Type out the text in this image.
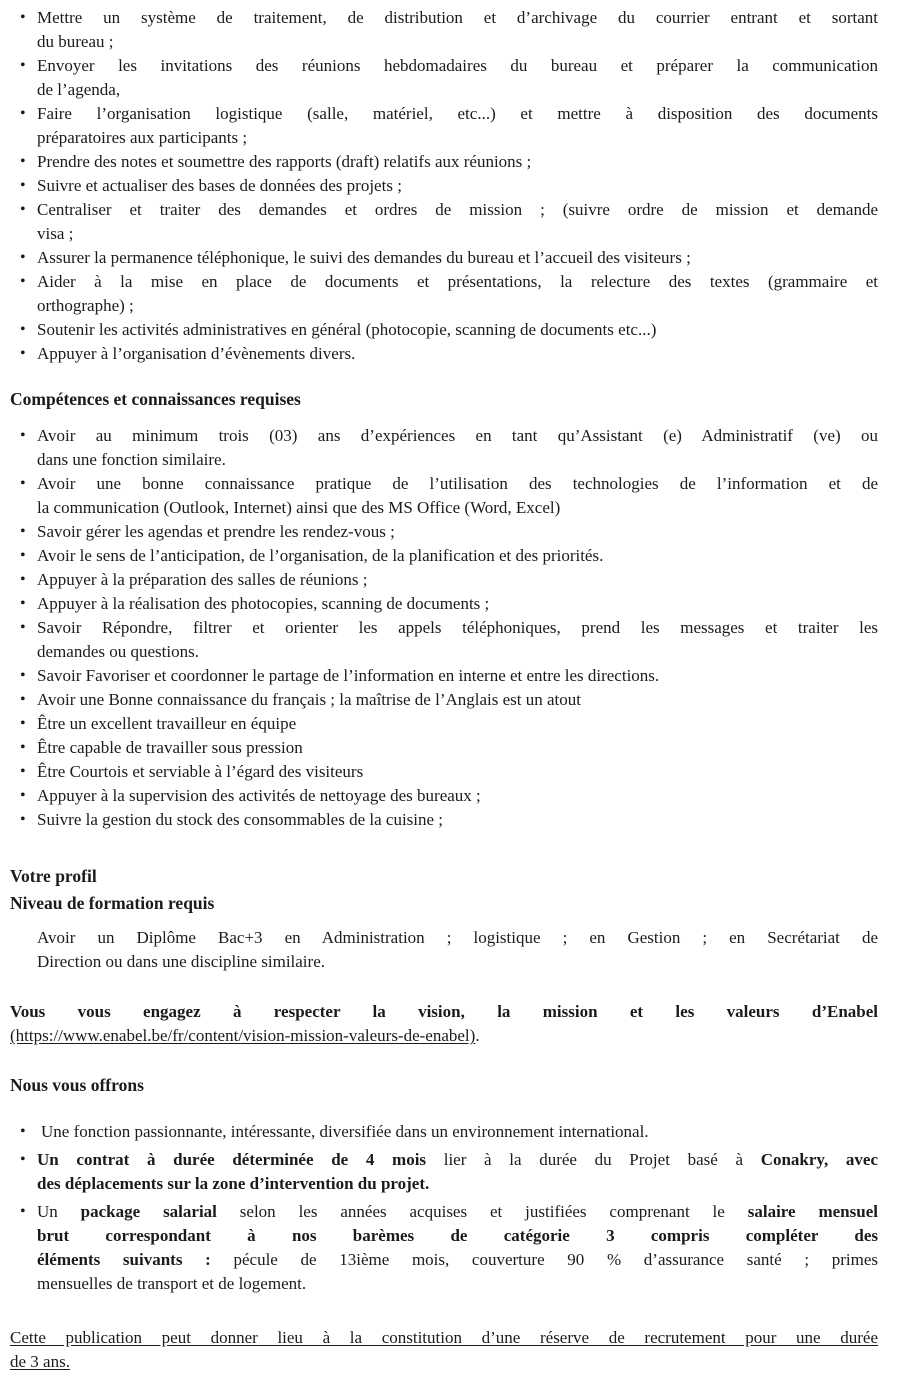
• Mettre un système de traitement, de distribution et d’archivage du courrier entrant et sortant
du bureau ;
• Envoyer les invitations des réunions hebdomadaires du bureau et préparer la communication
de l’agenda,
• Faire l’organisation logistique (salle, matériel, etc...) et mettre à disposition des documents
préparatoires aux participants ;
• Prendre des notes et soumettre des rapports (draft) relatifs aux réunions ;
• Suivre et actualiser des bases de données des projets ;
• Centraliser et traiter des demandes et ordres de mission ; (suivre ordre de mission et demande
visa ;
• Assurer la permanence téléphonique, le suivi des demandes du bureau et l’accueil des visiteurs ;
• Aider à la mise en place de documents et présentations, la relecture des textes (grammaire et
orthographe) ;
• Soutenir les activités administratives en général (photocopie, scanning de documents etc...)
• Appuyer à l’organisation d’évènements divers.
Compétences et connaissances requises
• Avoir au minimum trois (03) ans d’expériences en tant qu’Assistant (e) Administratif (ve) ou
dans une fonction similaire.
• Avoir une bonne connaissance pratique de l’utilisation des technologies de l’information et de
la communication (Outlook, Internet) ainsi que des MS Office (Word, Excel)
• Savoir gérer les agendas et prendre les rendez-vous ;
• Avoir le sens de l’anticipation, de l’organisation, de la planification et des priorités.
• Appuyer à la préparation des salles de réunions ;
• Appuyer à la réalisation des photocopies, scanning de documents ;
• Savoir Répondre, filtrer et orienter les appels téléphoniques, prend les messages et traiter les
demandes ou questions.
• Savoir Favoriser et coordonner le partage de l’information en interne et entre les directions.
• Avoir une Bonne connaissance du français ; la maîtrise de l’Anglais est un atout
• Être un excellent travailleur en équipe
• Être capable de travailler sous pression
• Être Courtois et serviable à l’égard des visiteurs
• Appuyer à la supervision des activités de nettoyage des bureaux ;
• Suivre la gestion du stock des consommables de la cuisine ;
Votre profil
Niveau de formation requis
Avoir un Diplôme Bac+3 en Administration ; logistique ; en Gestion ; en Secrétariat de
Direction ou dans une discipline similaire.
Vous vous engagez à respecter la vision, la mission et les valeurs d’Enabel
(https://www.enabel.be/fr/content/vision-mission-valeurs-de-enabel).
Nous vous offrons
• Une fonction passionnante, intéressante, diversifiée dans un environnement international.
• Un contrat à durée déterminée de 4 mois lier à la durée du Projet basé à Conakry, avec
des déplacements sur la zone d’intervention du projet.
• Un package salarial selon les années acquises et justifiées comprenant le salaire mensuel
brut correspondant à nos barèmes de catégorie 3 compris compléter des
éléments suivants : pécule de 13ième mois, couverture 90 % d’assurance santé ; primes
mensuelles de transport et de logement.
Cette publication peut donner lieu à la constitution d’une réserve de recrutement pour une durée
de 3 ans.
